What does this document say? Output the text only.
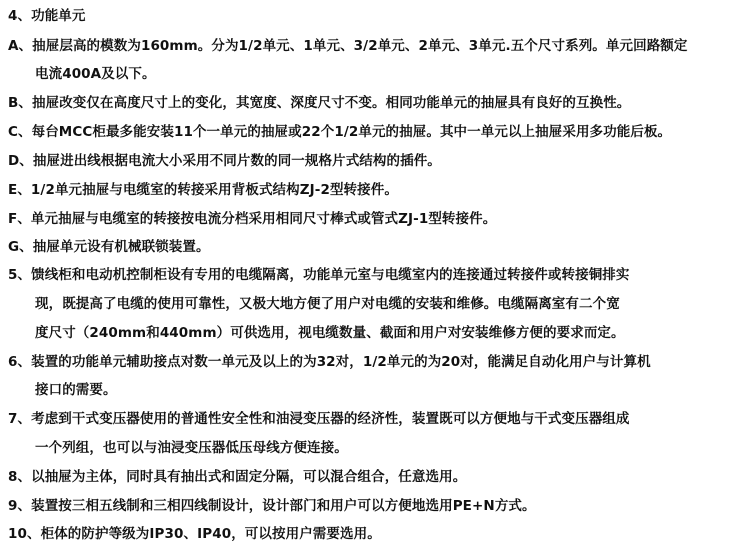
4、功能单元
A、抽屉层高的模数为160mm。分为1/2单元、1单元、3/2单元、2单元、3单元.五个尺寸系列。单元回路额定
电流400A及以下。
B、抽屉改变仅在高度尺寸上的变化，其宽度、深度尺寸不变。相同功能单元的抽屉具有良好的互换性。
C、每台MCC柜最多能安装11个一单元的抽屉或22个1/2单元的抽屉。其中一单元以上抽屉采用多功能后板。
D、抽屉进出线根据电流大小采用不同片数的同一规格片式结构的插件。
E、1/2单元抽屉与电缆室的转接采用背板式结构ZJ-2型转接件。
F、单元抽屉与电缆室的转接按电流分档采用相同尺寸棒式或管式ZJ-1型转接件。
G、抽屉单元设有机械联锁装置。
5、馈线柜和电动机控制柜设有专用的电缆隔离，功能单元室与电缆室内的连接通过转接件或转接铜排实
现，既提高了电缆的使用可靠性，又极大地方便了用户对电缆的安装和维修。电缆隔离室有二个宽
度尺寸（240mm和440mm）可供选用，视电缆数量、截面和用户对安装维修方便的要求而定。
6、装置的功能单元辅助接点对数一单元及以上的为32对，1/2单元的为20对，能满足自动化用户与计算机
接口的需要。
7、考虑到干式变压器使用的普通性安全性和油浸变压器的经济性，装置既可以方便地与干式变压器组成
一个列组，也可以与油浸变压器低压母线方便连接。
8、以抽屉为主体，同时具有抽出式和固定分隔，可以混合组合，任意选用。
9、装置按三相五线制和三相四线制设计，设计部门和用户可以方便地选用PE+N方式。
10、柜体的防护等级为IP30、IP40，可以按用户需要选用。
